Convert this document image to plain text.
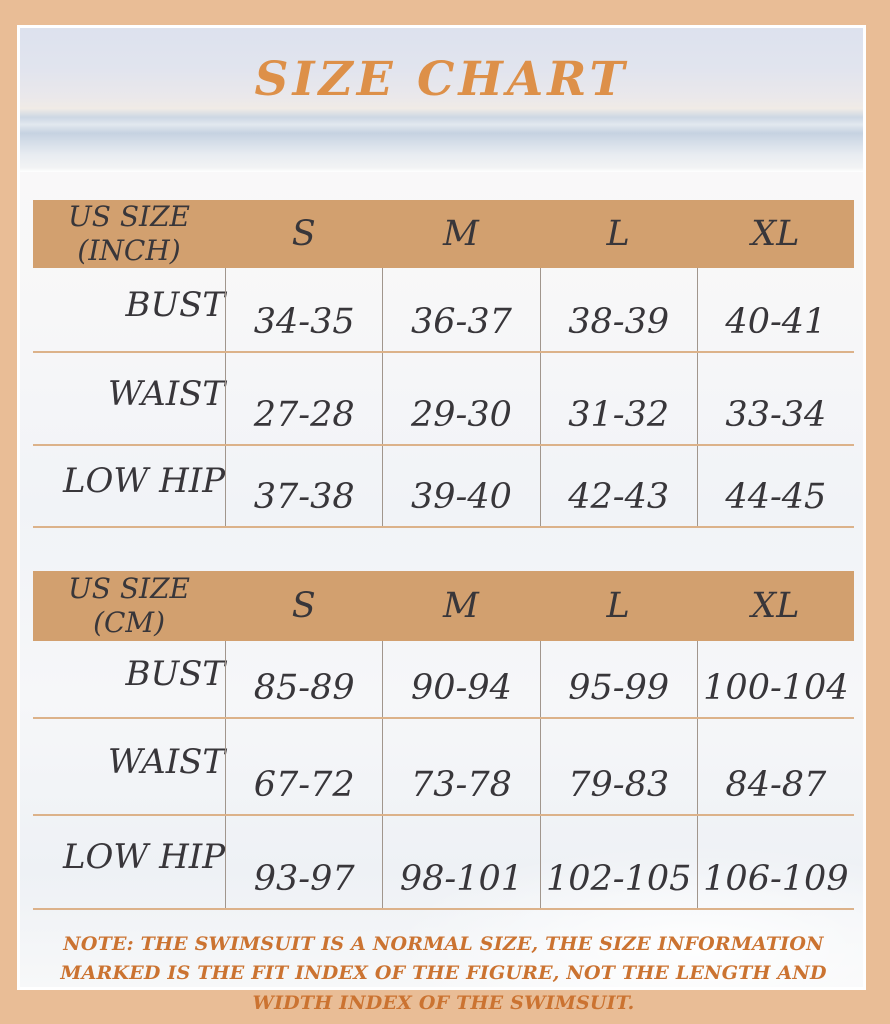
SIZE CHART
US SIZE
(INCH)	S	M	L	XL
BUST 34-35	36-37	38-39	40-41
WAIST
27-28	29-30	31-32	33-34
LOW HIP 37-38	39-40	42-43	44-45
US SIZE
(CM)	S	M	L	XL
BUST 85-89	90-94	95-99 100-104
WAIST
67-72	73-78	79-83	84-87
LOW HIP
93-97	98-101 102-105 106-109

NOTE: THE SWIMSUIT IS A NORMAL SIZE, THE SIZE INFORMATION MARKED IS THE FIT INDEX OF THE FIGURE, NOT THE LENGTH AND WIDTH INDEX OF THE SWIMSUIT.
